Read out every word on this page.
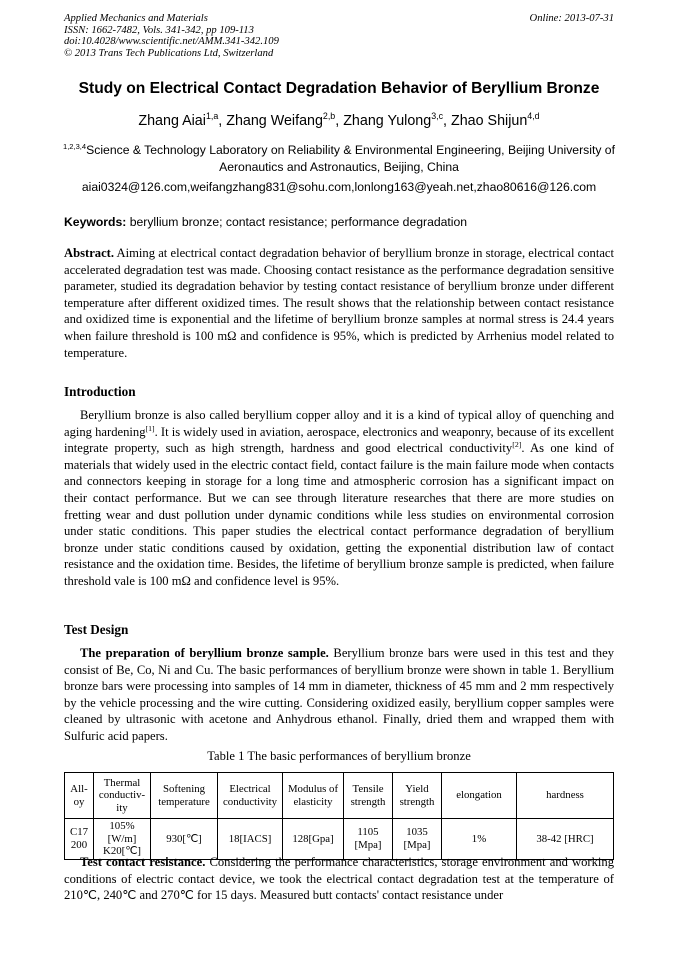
Applied Mechanics and Materials
ISSN: 1662-7482, Vols. 341-342, pp 109-113
doi:10.4028/www.scientific.net/AMM.341-342.109
© 2013 Trans Tech Publications Ltd, Switzerland
Online: 2013-07-31
Study on Electrical Contact Degradation Behavior of Beryllium Bronze
Zhang Aiai$^{1,a}$, Zhang Weifang$^{2,b}$, Zhang Yulong$^{3,c}$, Zhao Shijun$^{4,d}$
$^{1,2,3,4}$Science & Technology Laboratory on Reliability & Environmental Engineering, Beijing University of Aeronautics and Astronautics, Beijing, China
aiai0324@126.com,weifangzhang831@sohu.com,lonlong163@yeah.net,zhao80616@126.com
Keywords: beryllium bronze; contact resistance; performance degradation
Abstract. Aiming at electrical contact degradation behavior of beryllium bronze in storage, electrical contact accelerated degradation test was made. Choosing contact resistance as the performance degradation sensitive parameter, studied its degradation behavior by testing contact resistance of beryllium bronze under different temperature after different oxidized times. The result shows that the relationship between contact resistance and oxidized time is exponential and the lifetime of beryllium bronze samples at normal stress is 24.4 years when failure threshold is 100 mΩ and confidence is 95%, which is predicted by Arrhenius model related to temperature.
Introduction
Beryllium bronze is also called beryllium copper alloy and it is a kind of typical alloy of quenching and aging hardening[1]. It is widely used in aviation, aerospace, electronics and weaponry, because of its excellent integrate property, such as high strength, hardness and good electrical conductivity[2]. As one kind of materials that widely used in the electric contact field, contact failure is the main failure mode when contacts and connectors keeping in storage for a long time and atmospheric corrosion has a significant impact on their contact performance. But we can see through literature researches that there are more studies on fretting wear and dust pollution under dynamic conditions while less studies on environmental corrosion under static conditions. This paper studies the electrical contact performance degradation of beryllium bronze under static conditions caused by oxidation, getting the exponential distribution law of contact resistance and the oxidation time. Besides, the lifetime of beryllium bronze sample is predicted, when failure threshold vale is 100 mΩ and confidence level is 95%.
Test Design
The preparation of beryllium bronze sample. Beryllium bronze bars were used in this test and they consist of Be, Co, Ni and Cu. The basic performances of beryllium bronze were shown in table 1. Beryllium bronze bars were processing into samples of 14 mm in diameter, thickness of 45 mm and 2 mm respectively by the vehicle processing and the wire cutting. Considering oxidized easily, beryllium copper samples were cleaned by ultrasonic with acetone and Anhydrous ethanol. Finally, dried them and wrapped them with Sulfuric acid papers.
Table 1 The basic performances of beryllium bronze
All-oy	Thermal conductiv-ity	Softening temperature	Electrical conductivity	Modulus of elasticity	Tensile strength	Yield strength	elongation	hardness
C17 200	105%[W/m] K20[℃]	930[℃]	18[IACS]	128[Gpa]	1105 [Mpa]	1035 [Mpa]	1%	38-42 [HRC]
Test contact resistance. Considering the performance characteristics, storage environment and working conditions of electric contact device, we took the electrical contact degradation test at the temperature of 210℃, 240℃ and 270℃ for 15 days. Measured butt contacts' contact resistance under
